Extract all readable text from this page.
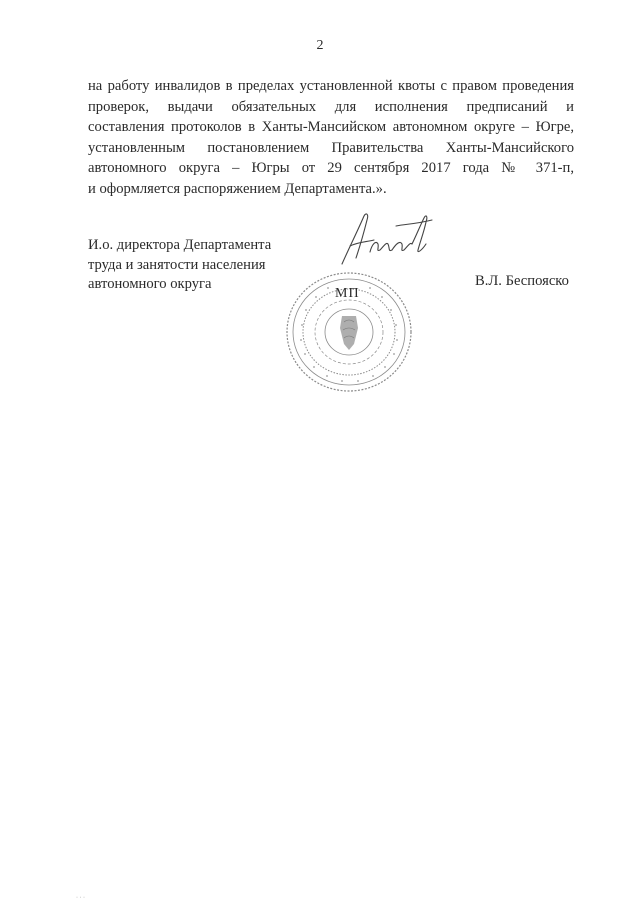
2
на работу инвалидов в пределах установленной квоты с правом проведения
проверок, выдачи обязательных для исполнения предписаний и
составления протоколов в Ханты-Мансийском автономном округе – Югре,
установленным постановлением Правительства Ханты-Мансийского
автономного округа – Югры от 29 сентября 2017 года № 371-п,
и оформляется распоряжением Департамента.».
И.о. директора Департамента
труда и занятости населения
автономного округа
МП
В.Л. Беспояско
· · ·
